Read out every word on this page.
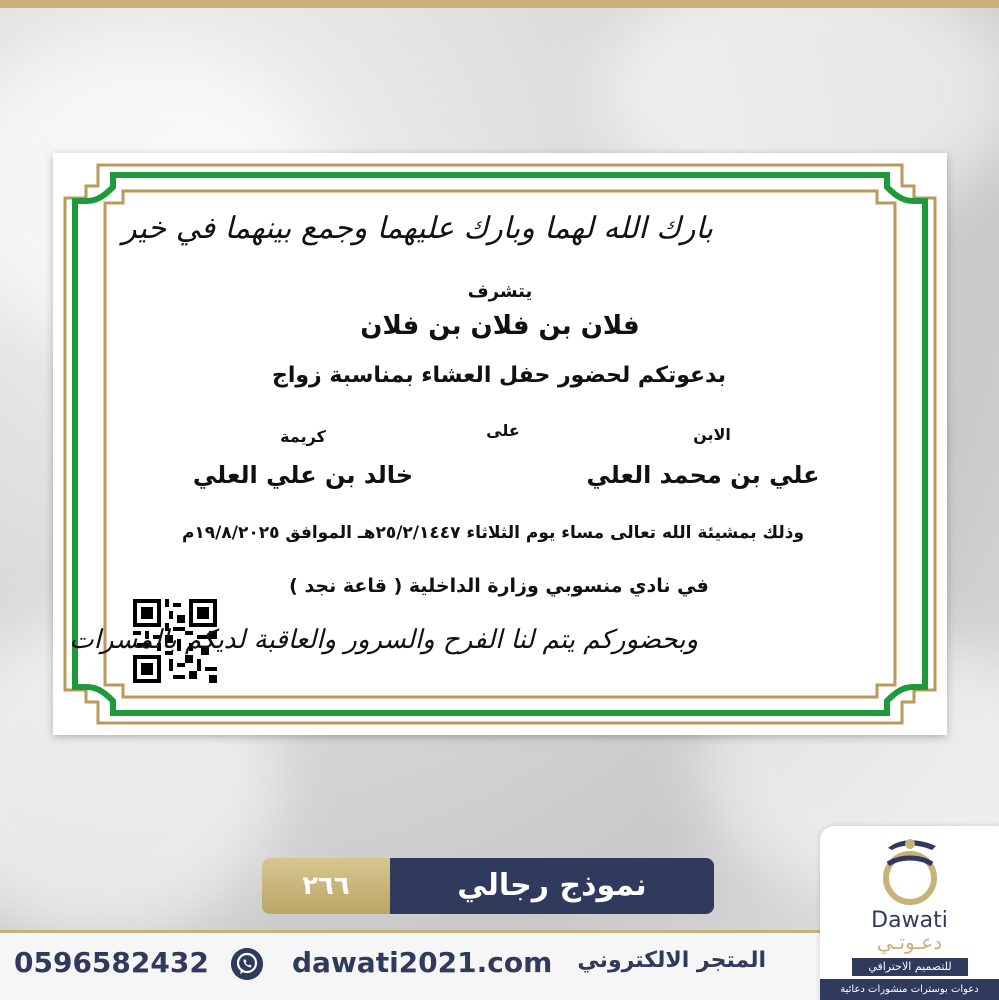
بارك الله لهما وبارك عليهما وجمع بينهما في خير
يتشرف
فلان بن فلان بن فلان
بدعوتكم لحضور حفل العشاء بمناسبة زواج
الابن
على
كريمة
علي بن محمد العلي
خالد بن علي العلي
وذلك بمشيئة الله تعالى مساء يوم الثلاثاء ٢٥/٢/١٤٤٧هـ الموافق ١٩/٨/٢٠٢٥م
في نادي منسوبي وزارة الداخلية ( قاعة نجد )
وبحضوركم يتم لنا الفرح والسرور والعاقبة لديكم بالمسرات
٢٦٦	نموذج رجالي
0596582432	dawati2021.com	المتجر الالكتروني
Dawati
دعـوتـي
للتصميم الاحترافي
دعوات بوسترات منشورات دعائية
